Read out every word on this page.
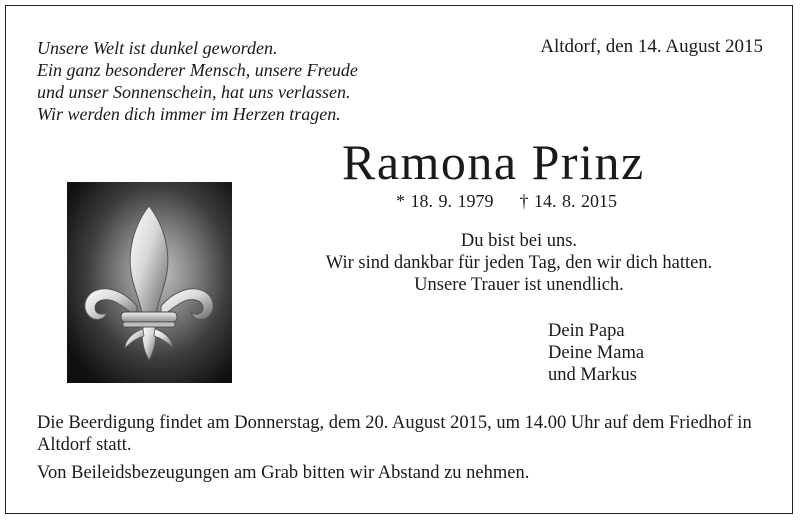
Unsere Welt ist dunkel geworden.
Ein ganz besonderer Mensch, unsere Freude
und unser Sonnenschein, hat uns verlassen.
Wir werden dich immer im Herzen tragen.
Altdorf, den 14. August 2015
Ramona Prinz
* 18. 9. 1979 † 14. 8. 2015
Du bist bei uns.
Wir sind dankbar für jeden Tag, den wir dich hatten.
Unsere Trauer ist unendlich.
Dein Papa
Deine Mama
und Markus

Die Beerdigung findet am Donnerstag, dem 20. August 2015, um 14.00 Uhr auf dem Friedhof in Altdorf statt.

Von Beileidsbezeugungen am Grab bitten wir Abstand zu nehmen.
